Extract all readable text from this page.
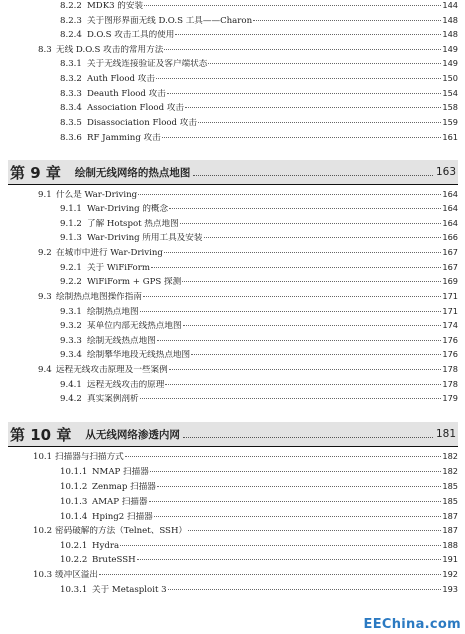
8.2.2 MDK3 的安装	144
8.2.3 关于图形界面无线 D.O.S 工具——Charon	148
8.2.4 D.O.S 攻击工具的使用	148
8.3 无线 D.O.S 攻击的常用方法	149
8.3.1 关于无线连接验证及客户端状态	149
8.3.2 Auth Flood 攻击	150
8.3.3 Deauth Flood 攻击	154
8.3.4 Association Flood 攻击	158
8.3.5 Disassociation Flood 攻击	159
8.3.6 RF Jamming 攻击	161
9.1 什么是 War-Driving	164
9.1.1 War-Driving 的概念	164
9.1.2 了解 Hotspot 热点地图	164
9.1.3 War-Driving 所用工具及安装	166
9.2 在城市中进行 War-Driving	167
9.2.1 关于 WiFiForm	167
9.2.2 WiFiForm + GPS 探测	169
9.3 绘制热点地图操作指南	171
9.3.1 绘制热点地图	171
9.3.2 某单位内部无线热点地图	174
9.3.3 绘制无线热点地图	176
9.3.4 绘制攀华地段无线热点地图	176
9.4 远程无线攻击原理及一些案例	178
9.4.1 远程无线攻击的原理	178
9.4.2 真实案例剖析	179
10.1 扫描器与扫描方式	182
10.1.1 NMAP 扫描器	182
10.1.2 Zenmap 扫描器	185
10.1.3 AMAP 扫描器	185
10.1.4 Hping2 扫描器	187
10.2 密码破解的方法（Telnet、SSH）	187
10.2.1 Hydra	188
10.2.2 BruteSSH	191
10.3 缓冲区溢出	192
10.3.1 关于 Metasploit 3	193
第 9 章 绘制无线网络的热点地图	163
第 10 章 从无线网络渗透内网	181
EEChina.com
